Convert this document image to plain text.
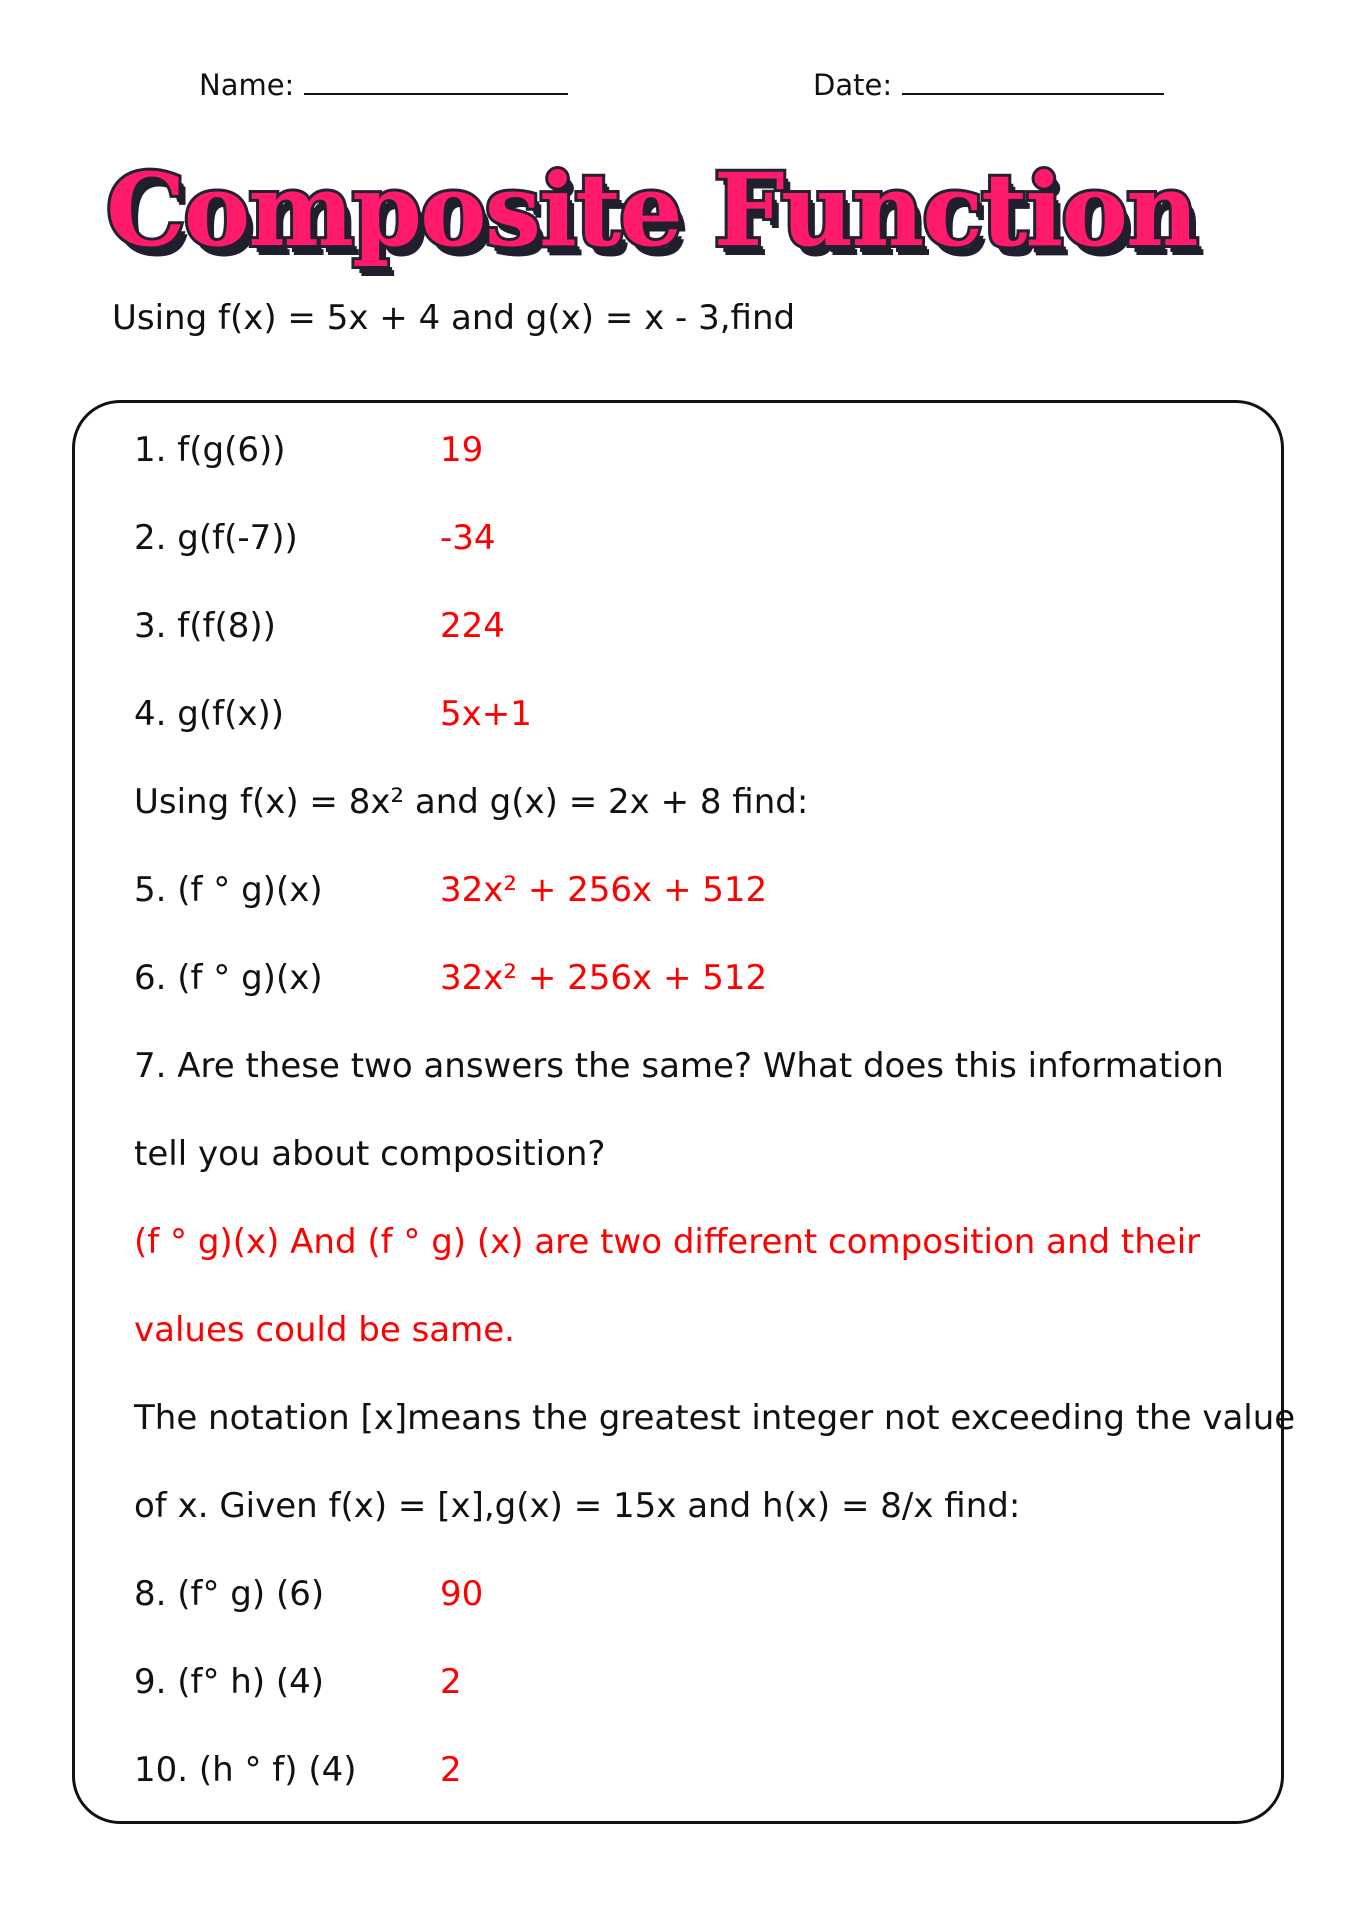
Name:	Date:
Composite Function
Using f(x) = 5x + 4 and g(x) = x - 3,find
1. f(g(6))	19
2. g(f(-7))	-34
3. f(f(8))	224
4. g(f(x))	5x+1
Using f(x) = 8x² and g(x) = 2x + 8 find:
5. (f ° g)(x)	32x² + 256x + 512
6. (f ° g)(x)	32x² + 256x + 512
7. Are these two answers the same? What does this information
tell you about composition?
(f ° g)(x) And (f ° g) (x) are two different composition and their
values could be same.
The notation [x]means the greatest integer not exceeding the value
of x. Given f(x) = [x],g(x) = 15x and h(x) = 8/x find:
8. (f° g) (6)	90
9. (f° h) (4)	2
10. (h ° f) (4) 2
